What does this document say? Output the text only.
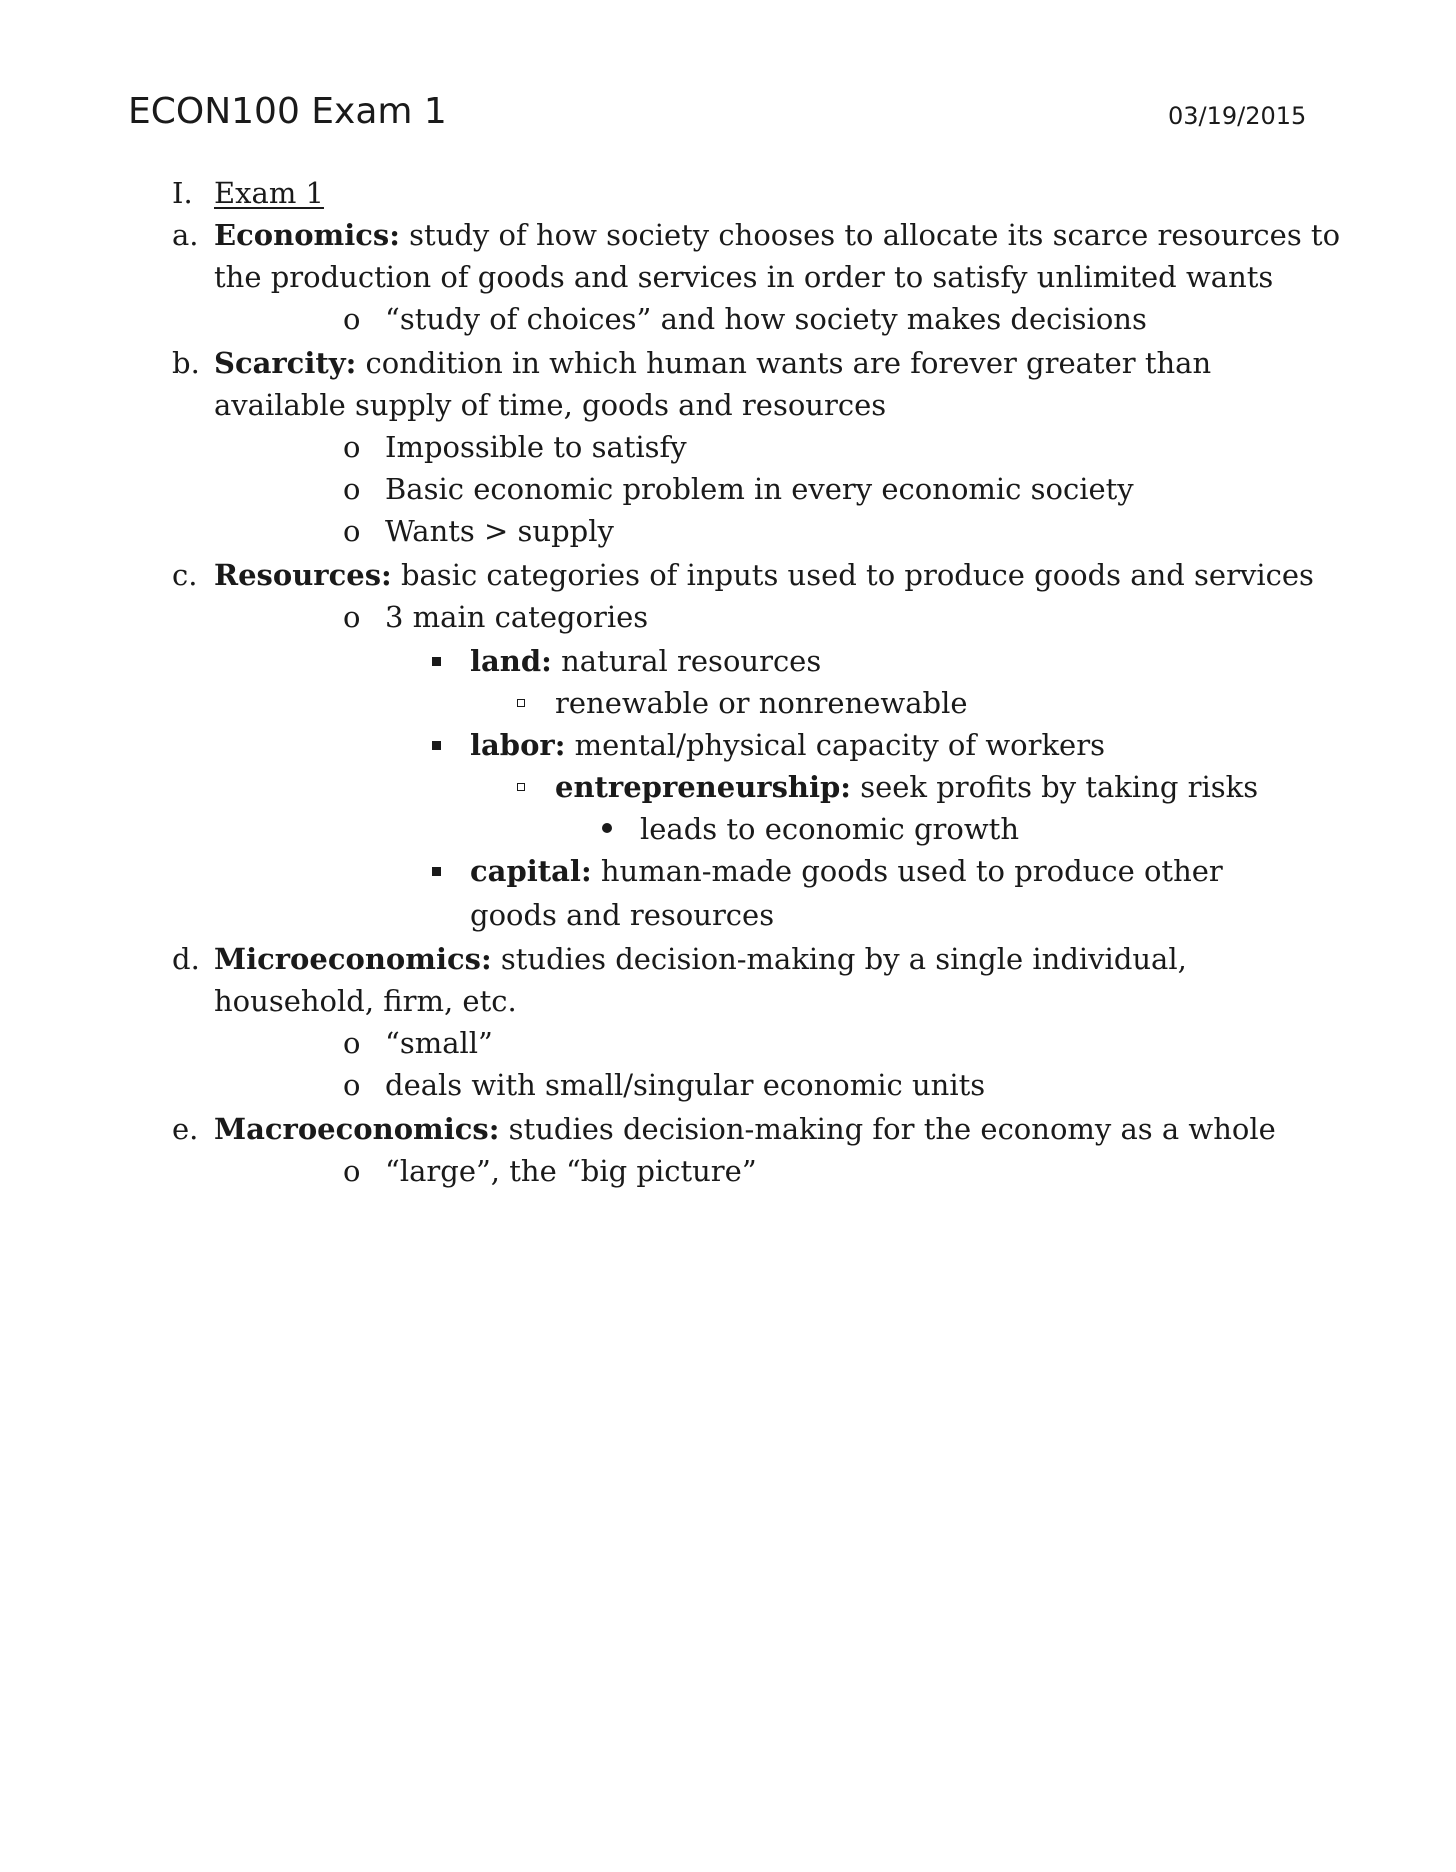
ECON100 Exam 1	03/19/2015
I. Exam 1
a. Economics: study of how society chooses to allocate its scarce resources to
the production of goods and services in order to satisfy unlimited wants
o “study of choices” and how society makes decisions
b. Scarcity: condition in which human wants are forever greater than
available supply of time, goods and resources
o Impossible to satisfy
o Basic economic problem in every economic society
o Wants > supply
c. Resources: basic categories of inputs used to produce goods and services
o 3 main categories
land: natural resources
renewable or nonrenewable
labor: mental/physical capacity of workers
entrepreneurship: seek profits by taking risks
leads to economic growth
capital: human-made goods used to produce other
goods and resources
d. Microeconomics: studies decision-making by a single individual,
household, firm, etc.
o “small”
o deals with small/singular economic units
e. Macroeconomics: studies decision-making for the economy as a whole
o “large”, the “big picture”
